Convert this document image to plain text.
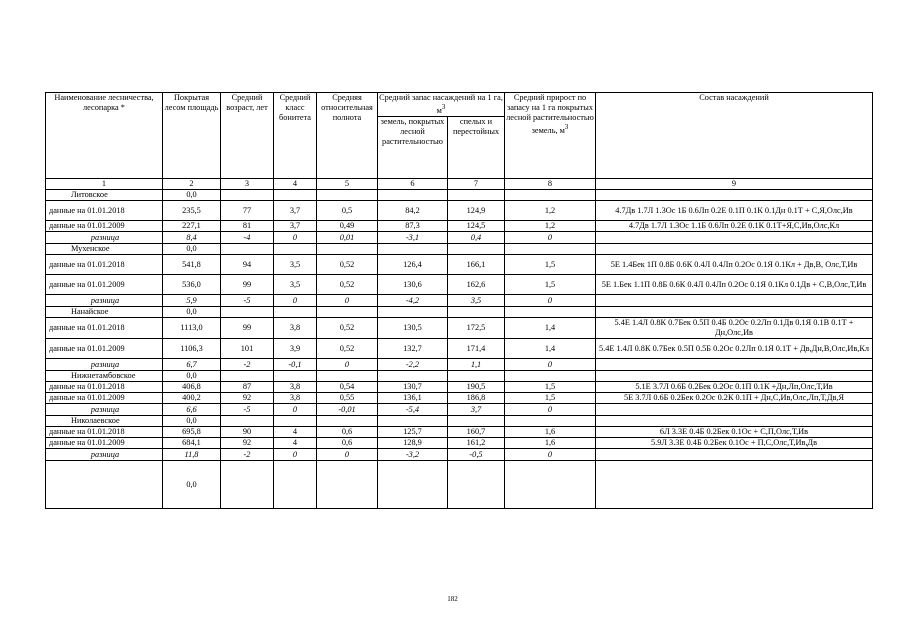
Наименование лесничества, лесопарка *	Покрытая лесом площадь	Средний возраст, лет	Средний класс бонитета	Средняя относительная полнота	Средний запас насаждений на 1 га, $м^3$		Средний прирост по запасу на 1 га покрытых лесной растительностью земель, $м^3$	Состав насаждений
					земель, покрытых лесной растительностью	спелых и перестойных		
1	2	3	4	5	6	7	8	9
Литовское	0,0							
данные на 01.01.2018	235,5	77	3,7	0,5	84,2	124,9	1,2	4.7Дв 1.7Л 1.3Ос 1Б 0.6Лп 0.2Е 0.1П 0.1К 0.1Дн 0.1Т + С,Я,Олс,Ив
данные на 01.01.2009	227,1	81	3,7	0,49	87,3	124,5	1,2	4.7Дв 1.7Л 1.3Ос 1.1Б 0.6Лп 0.2Е 0.1К 0.1Т+Я,С,Ив,Олс,Кл
разница	8,4	-4	0	0,01	-3,1	0,4	0	
Мухенское	0,0							
данные на 01.01.2018	541,8	94	3,5	0,52	126,4	166,1	1,5	5Е 1.4Бек 1П 0.8Б 0.6К 0.4Л 0.4Лп 0.2Ос 0.1Я 0.1Кл + Дв,В, Олс,Т,Ив
данные на 01.01.2009	536,0	99	3,5	0,52	130,6	162,6	1,5	5Е 1.Бек 1.1П 0.8Б 0.6К 0.4Л 0.4Лп 0.2Ос 0.1Я 0.1Кл 0.1Дв + С,В,Олс,Т,Ив
разница	5,9	-5	0	0	-4,2	3,5	0	
Нанайское	0,0							
данные на 01.01.2018	1113,0	99	3,8	0,52	130,5	172,5	1,4	5.4Е 1.4Л 0.8К 0.7Бек 0.5П 0.4Б 0.2Ос 0.2Лп 0.1Дв 0.1Я 0.1В 0.1Т + Дн,Олс,Ив
данные на 01.01.2009	1106,3	101	3,9	0,52	132,7	171,4	1,4	5.4Е 1.4Л 0.8К 0.7Бек 0.5П 0.5Б 0.2Ос 0.2Лп 0.1Я 0.1Т + Дв,Дн,В,Олс,Ив,Кл
разница	6,7	-2	-0,1	0	-2,2	1,1	0	
Нижнетамбовское	0,0							
данные на 01.01.2018	406,8	87	3,8	0,54	130,7	190,5	1,5	5.1Е 3.7Л 0.6Б 0.2Бек 0.2Ос 0.1П 0.1К +Дн,Лп,Олс,Т,Ив
данные на 01.01.2009	400,2	92	3,8	0,55	136,1	186,8	1,5	5Е 3.7Л 0.6Б 0.2Бек 0.2Ос 0.2К 0.1П + Дн,С,Ив,Олс,Лп,Т,Дв,Я
разница	6,6	-5	0	-0,01	-5,4	3,7	0	
Николаевское	0,0							
данные на 01.01.2018	695,8	90	4	0,6	125,7	160,7	1,6	6Л 3.3Е 0.4Б 0.2Бек 0.1Ос + С,П,Олс,Т,Ив
данные на 01.01.2009	684,1	92	4	0,6	128,9	161,2	1,6	5.9Л 3.3Е 0.4Б 0.2Бек 0.1Ос + П,С,Олс,Т,Ив,Дв
разница	11,8	-2	0	0	-3,2	-0,5	0	
	0,0							
182
